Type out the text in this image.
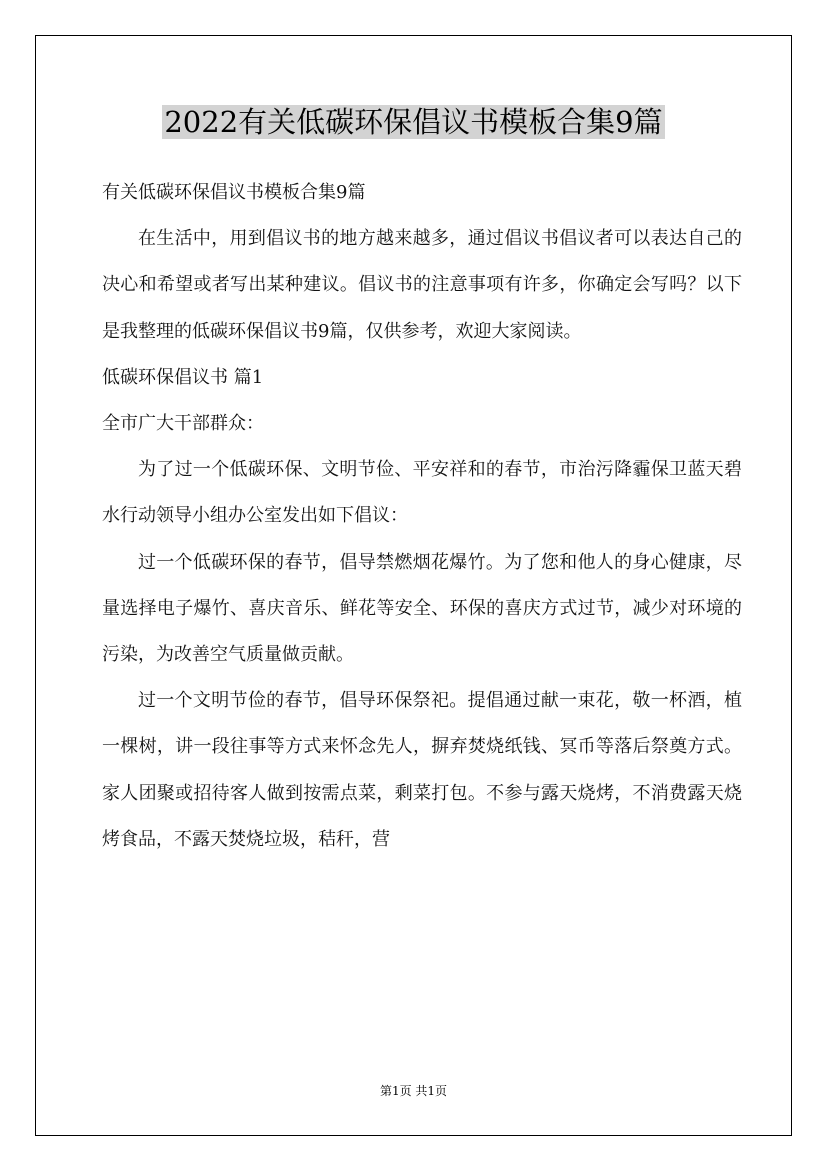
2022有关低碳环保倡议书模板合集9篇

有关低碳环保倡议书模板合集9篇

在生活中，用到倡议书的地方越来越多，通过倡议书倡议者可以表达自己的决心和希望或者写出某种建议。倡议书的注意事项有许多，你确定会写吗？以下是我整理的低碳环保倡议书9篇，仅供参考，欢迎大家阅读。

低碳环保倡议书 篇1

全市广大干部群众：

为了过一个低碳环保、文明节俭、平安祥和的春节，市治污降霾保卫蓝天碧水行动领导小组办公室发出如下倡议：

过一个低碳环保的春节，倡导禁燃烟花爆竹。为了您和他人的身心健康，尽量选择电子爆竹、喜庆音乐、鲜花等安全、环保的喜庆方式过节，减少对环境的污染，为改善空气质量做贡献。

过一个文明节俭的春节，倡导环保祭祀。提倡通过献一束花，敬一杯酒，植一棵树，讲一段往事等方式来怀念先人，摒弃焚烧纸钱、冥币等落后祭奠方式。家人团聚或招待客人做到按需点菜，剩菜打包。不参与露天烧烤，不消费露天烧烤食品，不露天焚烧垃圾，秸秆，营

第1页 共1页
